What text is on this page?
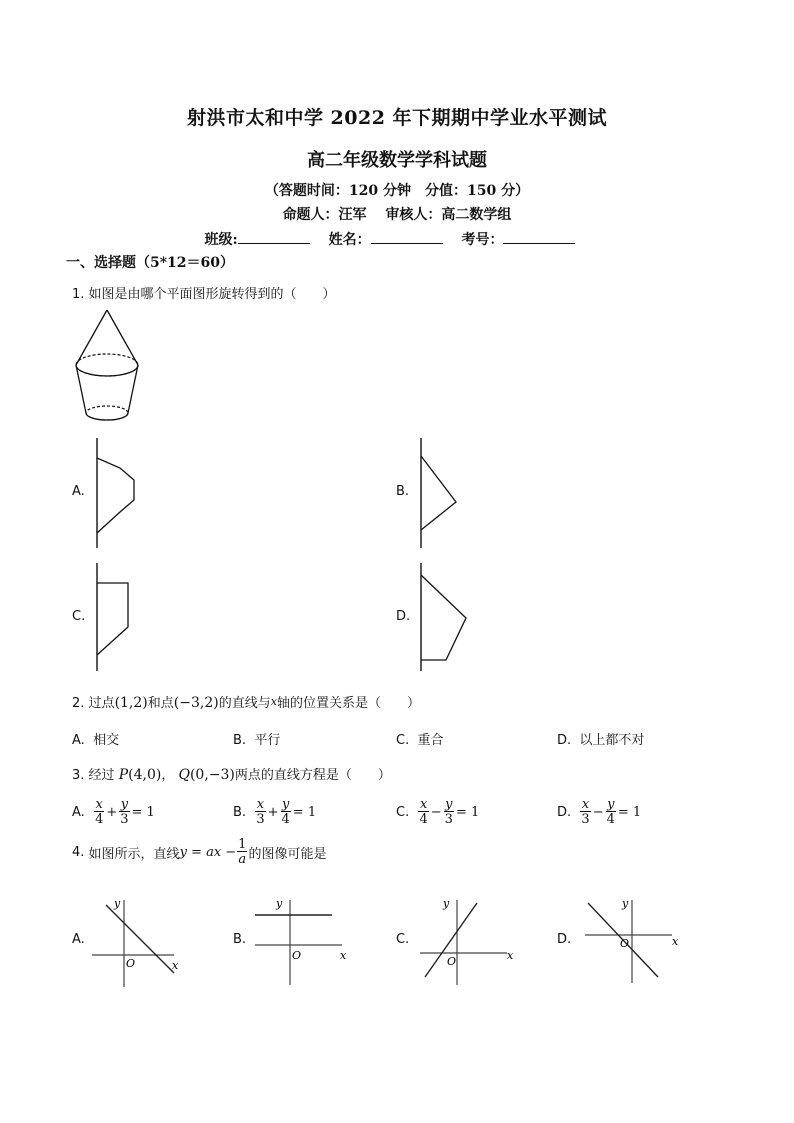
射洪市太和中学 2022 年下期期中学业水平测试
高二年级数学学科试题
（答题时间：120 分钟　分值：150 分）
命题人：汪军　 审核人：高二数学组
班级:	姓名：	考号：
一、选择题（5*12＝60）
1. 如图是由哪个平面图形旋转得到的（　　）
A.	B.
C.	D.
2. 过点(1,2)和点(−3,2)的直线与x轴的位置关系是（　　）
A. 相交	B. 平行	C. 重合	D. 以上都不对
3. 经过 P(4,0)， Q(0,−3)两点的直线方程是（　　）
A.
$\frac{x}{4} + \frac{y}{3} = 1$	B.
$\frac{x}{3} + \frac{y}{4} = 1$	C.
$\frac{x}{4} - \frac{y}{3} = 1$	D.
$\frac{x}{3} - \frac{y}{4} = 1$
4.
如图所示，直线 y = ax − $\frac{1}{a}$ 的图像可能是
A.
y
x
O
B.
y
x
O
C.
y
x
O
D.
y
x
O
